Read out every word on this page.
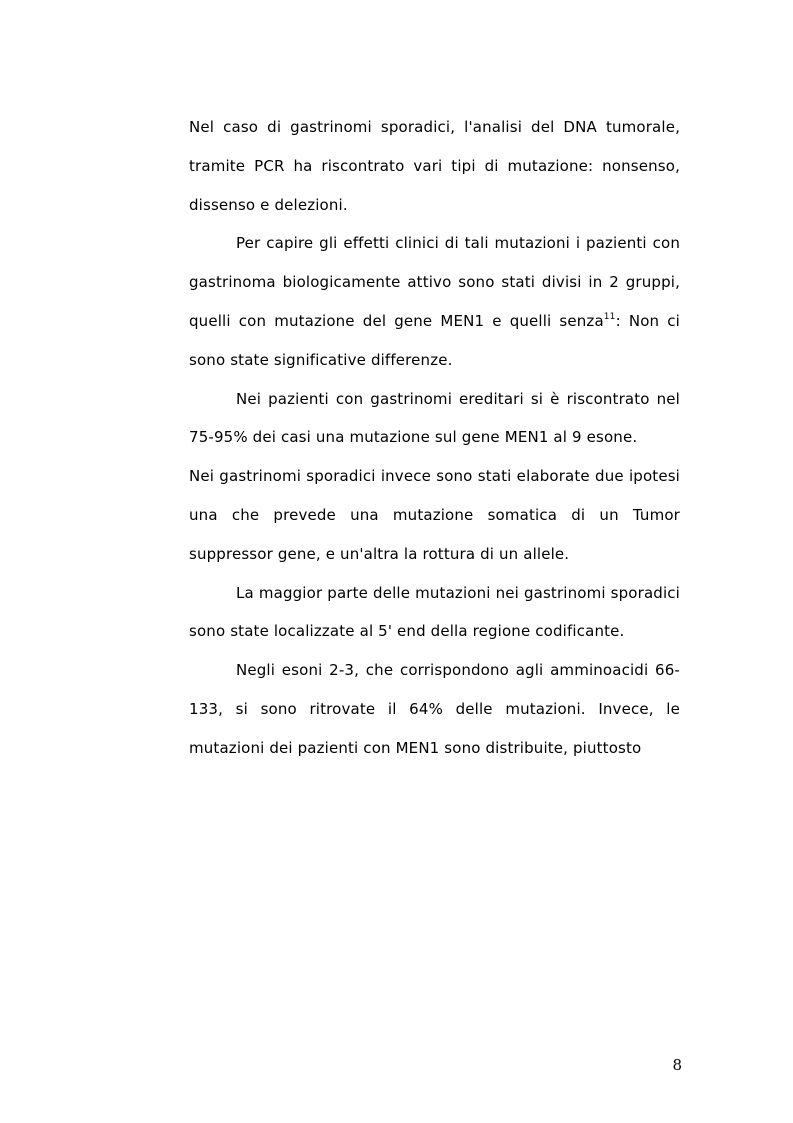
Nel caso di gastrinomi sporadici, l'analisi del DNA tumorale, tramite PCR ha riscontrato vari tipi di mutazione: nonsenso, dissenso e delezioni.

Per capire gli effetti clinici di tali mutazioni i pazienti con gastrinoma biologicamente attivo sono stati divisi in 2 gruppi, quelli con mutazione del gene MEN1 e quelli senza$^{11}$: Non ci sono state significative differenze.

Nei pazienti con gastrinomi ereditari si è riscontrato nel 75-95% dei casi una mutazione sul gene MEN1 al 9 esone.

Nei gastrinomi sporadici invece sono stati elaborate due ipotesi una che prevede una mutazione somatica di un Tumor suppressor gene, e un'altra la rottura di un allele.

La maggior parte delle mutazioni nei gastrinomi sporadici sono state localizzate al 5' end della regione codificante.

Negli esoni 2-3, che corrispondono agli amminoacidi 66-133, si sono ritrovate il 64% delle mutazioni. Invece, le mutazioni dei pazienti con MEN1 sono distribuite, piuttosto

8
